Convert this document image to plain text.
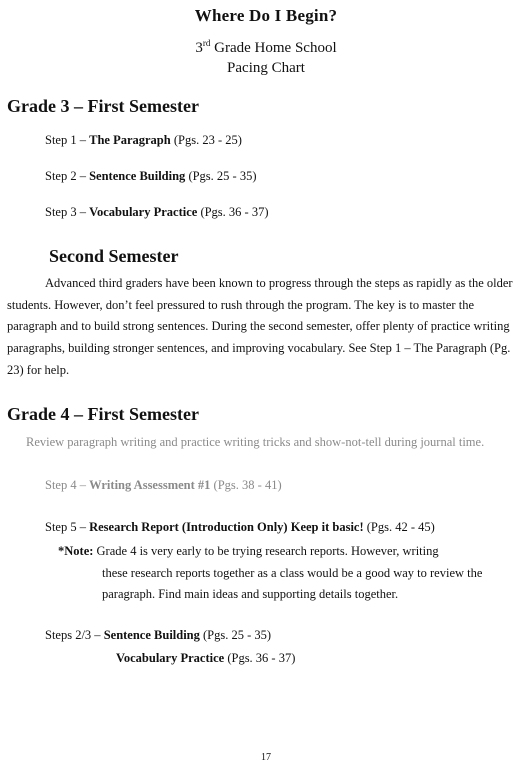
Where Do I Begin?
3rd Grade Home School
Pacing Chart
Grade 3 – First Semester
Step 1 – The Paragraph (Pgs. 23 - 25)
Step 2 – Sentence Building (Pgs. 25 - 35)
Step 3 – Vocabulary Practice (Pgs. 36 - 37)
Second Semester
Advanced third graders have been known to progress through the steps as rapidly as the older students. However, don’t feel pressured to rush through the program. The key is to master the paragraph and to build strong sentences. During the second semester, offer plenty of practice writing paragraphs, building stronger sentences, and improving vocabulary. See Step 1 – The Paragraph (Pg. 23) for help.
Grade 4 – First Semester
Review paragraph writing and practice writing tricks and show-not-tell during journal time.
Step 4 – Writing Assessment #1 (Pgs. 38 - 41)
Step 5 – Research Report (Introduction Only) Keep it basic! (Pgs. 42 - 45)
*Note: Grade 4 is very early to be trying research reports. However, writing
these research reports together as a class would be a good way to review the paragraph. Find main ideas and supporting details together.
Steps 2/3 – Sentence Building (Pgs. 25 - 35)
Vocabulary Practice (Pgs. 36 - 37)
17
